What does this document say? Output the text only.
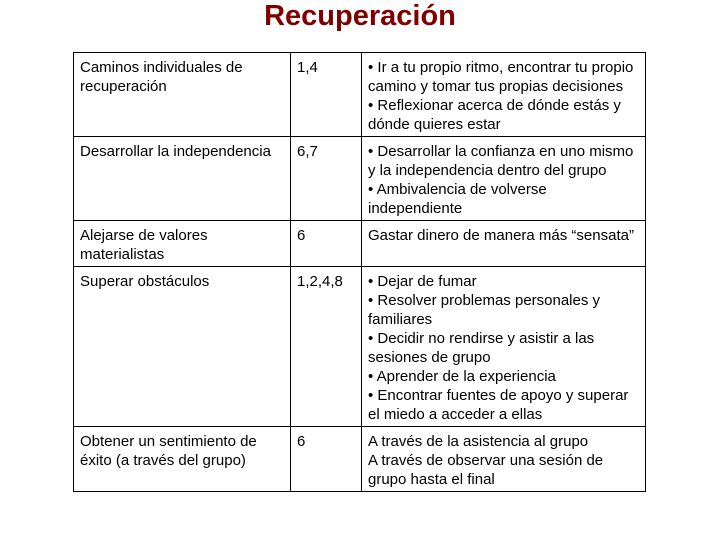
Recuperación
Caminos individuales de recuperación	1,4	• Ir a tu propio ritmo, encontrar tu propio camino y tomar tus propias decisiones
• Reflexionar acerca de dónde estás y dónde quieres estar

Desarrollar la independencia	6,7	• Desarrollar la confianza en uno mismo y la independencia dentro del grupo
• Ambivalencia de volverse independiente

Alejarse de valores materialistas	6	Gastar dinero de manera más “sensata”

Superar obstáculos	1,2,4,8	• Dejar de fumar
• Resolver problemas personales y familiares
• Decidir no rendirse y asistir a las sesiones de grupo
• Aprender de la experiencia
• Encontrar fuentes de apoyo y superar el miedo a acceder a ellas

Obtener un sentimiento de éxito (a través del grupo)	6	A través de la asistencia al grupo
A través de observar una sesión de grupo hasta el final
